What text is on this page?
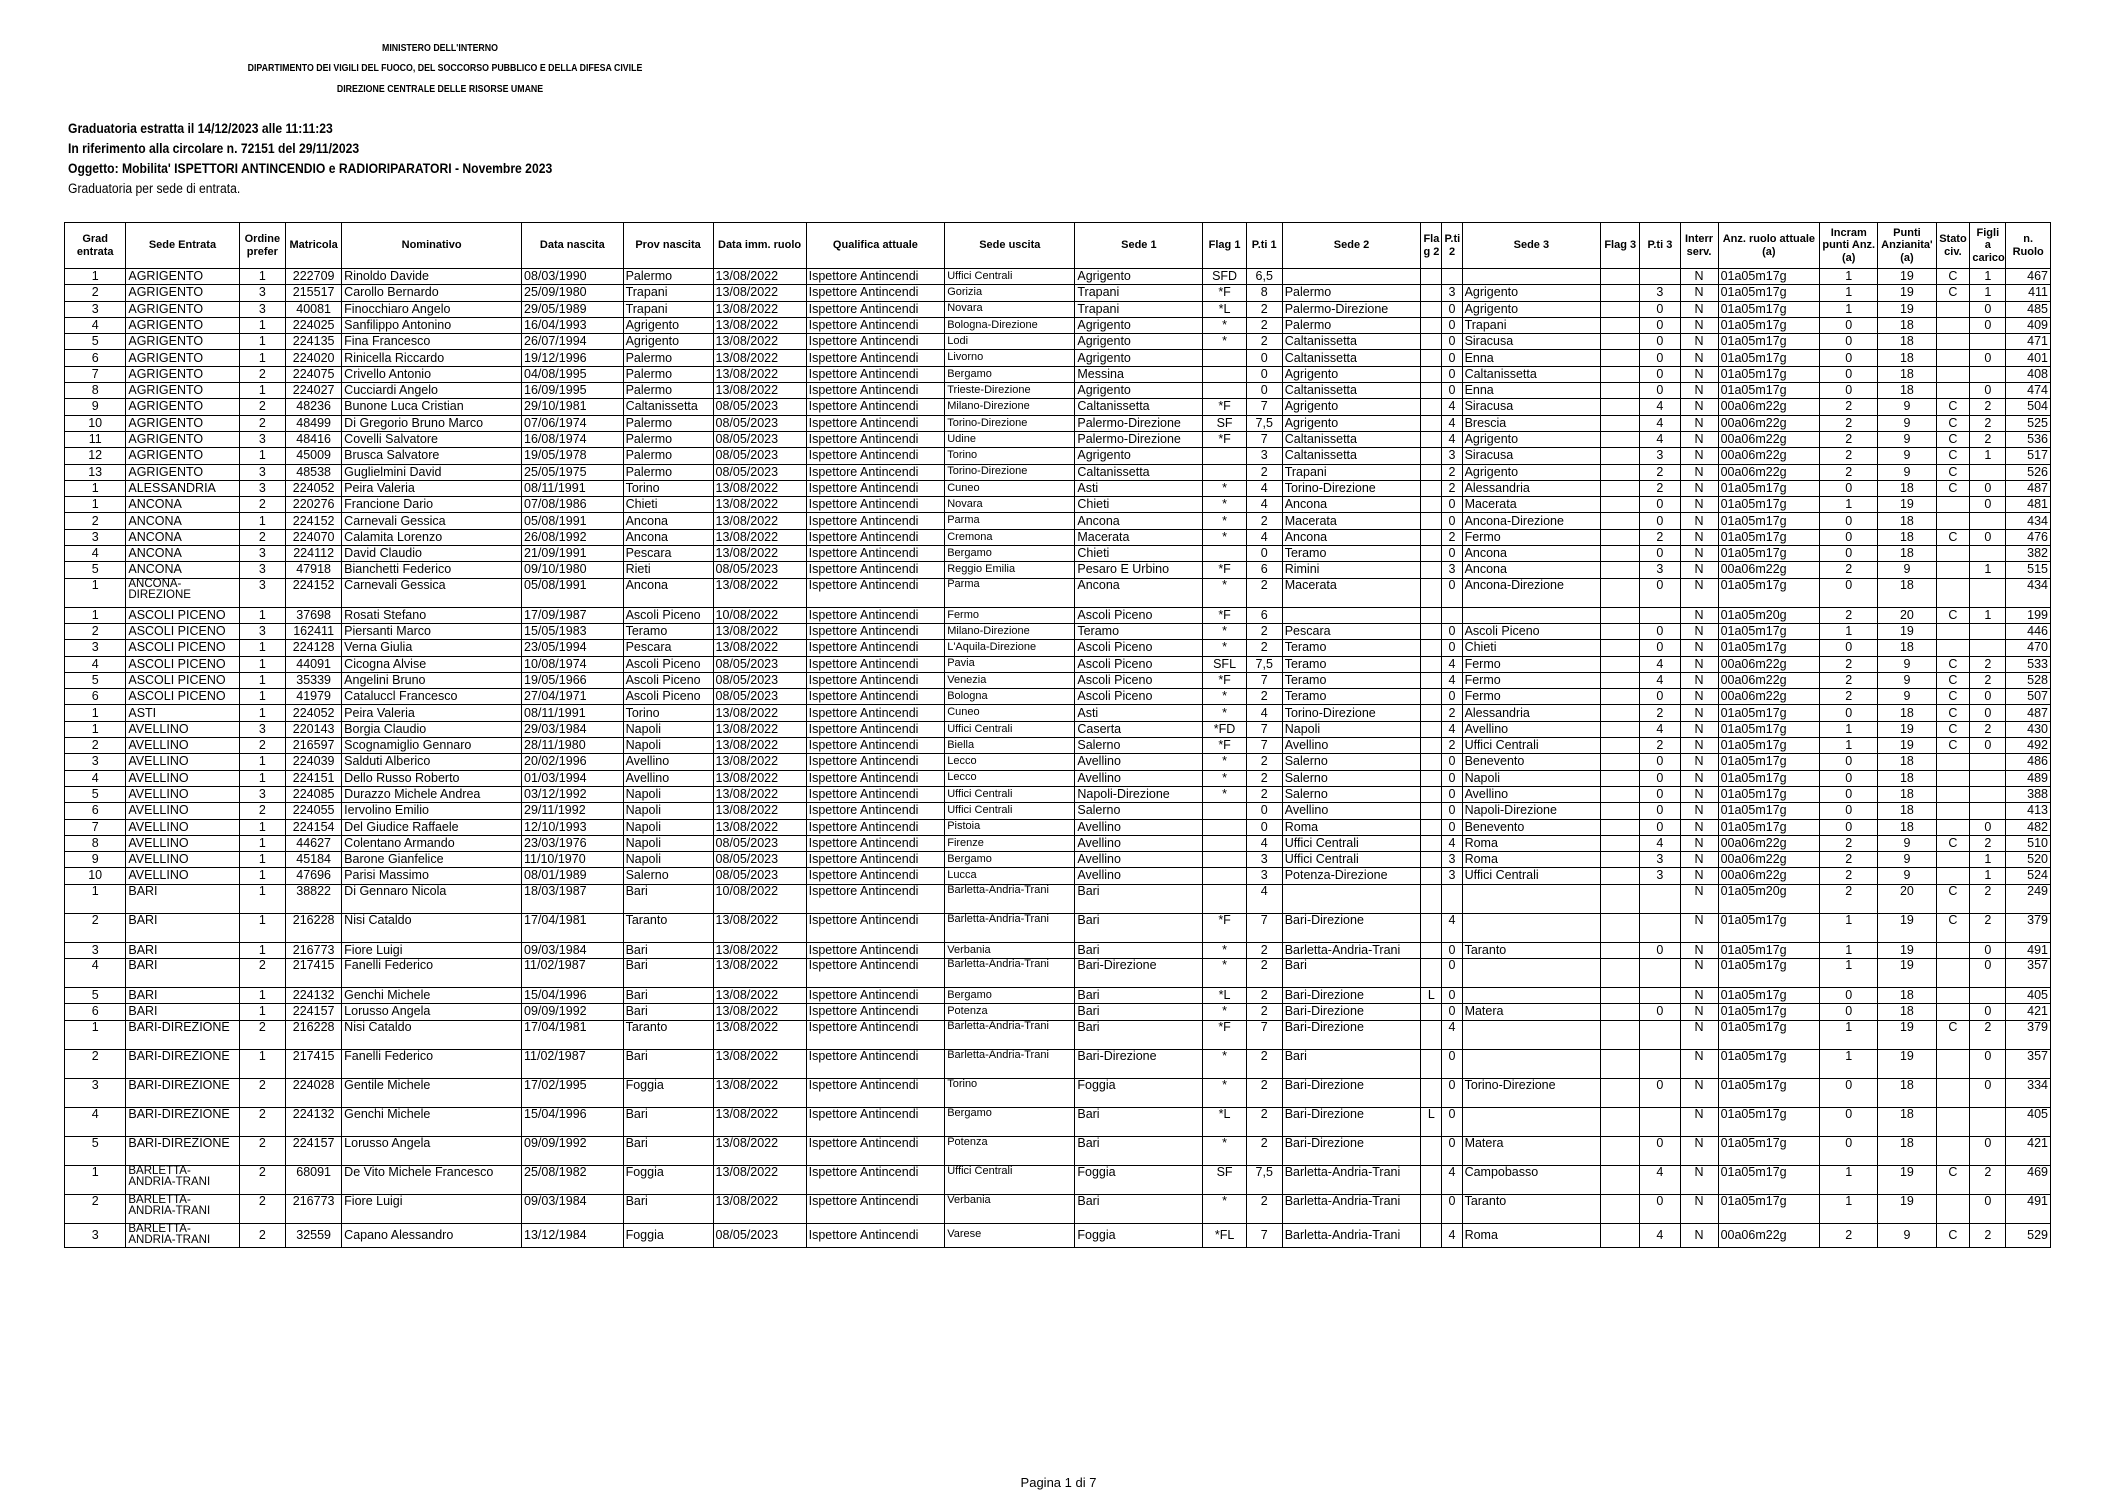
MINISTERO DELL'INTERNO
DIPARTIMENTO DEI VIGILI DEL FUOCO, DEL SOCCORSO PUBBLICO E DELLA DIFESA CIVILE
DIREZIONE CENTRALE DELLE RISORSE UMANE
Graduatoria estratta il 14/12/2023 alle 11:11:23
In riferimento alla circolare n. 72151 del 29/11/2023
Oggetto: Mobilita' ISPETTORI ANTINCENDIO e RADIORIPARATORI - Novembre 2023
Graduatoria per sede di entrata.
Grad entrata	Sede Entrata	Ordine prefer	Matricola	Nominativo	Data nascita	Prov nascita	Data imm. ruolo	Qualifica attuale	Sede uscita	Sede 1	Flag 1	P.ti 1	Sede 2	Fla g 2	P.ti 2	Sede 3	Flag 3	P.ti 3	Interr serv.	Anz. ruolo attuale (a)	Incram punti Anz.(a)	Punti Anzianita' (a)	Stato civ.	Figli a carico	n. Ruolo
1	AGRIGENTO	1	222709	Rinoldo Davide	08/03/1990	Palermo	13/08/2022	Ispettore Antincendi	Uffici Centrali	Agrigento	SFD	6,5							N	01a05m17g	1	19	C	1	467
2	AGRIGENTO	3	215517	Carollo Bernardo	25/09/1980	Trapani	13/08/2022	Ispettore Antincendi	Gorizia	Trapani	*F	8	Palermo		3	Agrigento		3	N	01a05m17g	1	19	C	1	411
3	AGRIGENTO	3	40081	Finocchiaro Angelo	29/05/1989	Trapani	13/08/2022	Ispettore Antincendi	Novara	Trapani	*L	2	Palermo-Direzione		0	Agrigento		0	N	01a05m17g	1	19		0	485
4	AGRIGENTO	1	224025	Sanfilippo Antonino	16/04/1993	Agrigento	13/08/2022	Ispettore Antincendi	Bologna-Direzione	Agrigento	*	2	Palermo		0	Trapani		0	N	01a05m17g	0	18		0	409
5	AGRIGENTO	1	224135	Fina Francesco	26/07/1994	Agrigento	13/08/2022	Ispettore Antincendi	Lodi	Agrigento	*	2	Caltanissetta		0	Siracusa		0	N	01a05m17g	0	18			471
6	AGRIGENTO	1	224020	Rinicella Riccardo	19/12/1996	Palermo	13/08/2022	Ispettore Antincendi	Livorno	Agrigento		0	Caltanissetta		0	Enna		0	N	01a05m17g	0	18		0	401
7	AGRIGENTO	2	224075	Crivello Antonio	04/08/1995	Palermo	13/08/2022	Ispettore Antincendi	Bergamo	Messina		0	Agrigento		0	Caltanissetta		0	N	01a05m17g	0	18			408
8	AGRIGENTO	1	224027	Cucciardi Angelo	16/09/1995	Palermo	13/08/2022	Ispettore Antincendi	Trieste-Direzione	Agrigento		0	Caltanissetta		0	Enna		0	N	01a05m17g	0	18		0	474
9	AGRIGENTO	2	48236	Bunone Luca Cristian	29/10/1981	Caltanissetta	08/05/2023	Ispettore Antincendi	Milano-Direzione	Caltanissetta	*F	7	Agrigento		4	Siracusa		4	N	00a06m22g	2	9	C	2	504
10	AGRIGENTO	2	48499	Di Gregorio Bruno Marco	07/06/1974	Palermo	08/05/2023	Ispettore Antincendi	Torino-Direzione	Palermo-Direzione	SF	7,5	Agrigento		4	Brescia		4	N	00a06m22g	2	9	C	2	525
11	AGRIGENTO	3	48416	Covelli Salvatore	16/08/1974	Palermo	08/05/2023	Ispettore Antincendi	Udine	Palermo-Direzione	*F	7	Caltanissetta		4	Agrigento		4	N	00a06m22g	2	9	C	2	536
12	AGRIGENTO	1	45009	Brusca Salvatore	19/05/1978	Palermo	08/05/2023	Ispettore Antincendi	Torino	Agrigento		3	Caltanissetta		3	Siracusa		3	N	00a06m22g	2	9	C	1	517
13	AGRIGENTO	3	48538	Guglielmini David	25/05/1975	Palermo	08/05/2023	Ispettore Antincendi	Torino-Direzione	Caltanissetta		2	Trapani		2	Agrigento		2	N	00a06m22g	2	9	C		526
1	ALESSANDRIA	3	224052	Peira Valeria	08/11/1991	Torino	13/08/2022	Ispettore Antincendi	Cuneo	Asti	*	4	Torino-Direzione		2	Alessandria		2	N	01a05m17g	0	18	C	0	487
1	ANCONA	2	220276	Francione Dario	07/08/1986	Chieti	13/08/2022	Ispettore Antincendi	Novara	Chieti	*	4	Ancona		0	Macerata		0	N	01a05m17g	1	19		0	481
2	ANCONA	1	224152	Carnevali Gessica	05/08/1991	Ancona	13/08/2022	Ispettore Antincendi	Parma	Ancona	*	2	Macerata		0	Ancona-Direzione		0	N	01a05m17g	0	18			434
3	ANCONA	2	224070	Calamita Lorenzo	26/08/1992	Ancona	13/08/2022	Ispettore Antincendi	Cremona	Macerata	*	4	Ancona		2	Fermo		2	N	01a05m17g	0	18	C	0	476
4	ANCONA	3	224112	David Claudio	21/09/1991	Pescara	13/08/2022	Ispettore Antincendi	Bergamo	Chieti		0	Teramo		0	Ancona		0	N	01a05m17g	0	18			382
5	ANCONA	3	47918	Bianchetti Federico	09/10/1980	Rieti	08/05/2023	Ispettore Antincendi	Reggio Emilia	Pesaro E Urbino	*F	6	Rimini		3	Ancona		3	N	00a06m22g	2	9		1	515
1	ANCONA-DIREZIONE	3	224152	Carnevali Gessica	05/08/1991	Ancona	13/08/2022	Ispettore Antincendi	Parma	Ancona	*	2	Macerata		0	Ancona-Direzione		0	N	01a05m17g	0	18			434
1	ASCOLI PICENO	1	37698	Rosati Stefano	17/09/1987	Ascoli Piceno	10/08/2022	Ispettore Antincendi	Fermo	Ascoli Piceno	*F	6							N	01a05m20g	2	20	C	1	199
2	ASCOLI PICENO	3	162411	Piersanti Marco	15/05/1983	Teramo	13/08/2022	Ispettore Antincendi	Milano-Direzione	Teramo	*	2	Pescara		0	Ascoli Piceno		0	N	01a05m17g	1	19			446
3	ASCOLI PICENO	1	224128	Verna Giulia	23/05/1994	Pescara	13/08/2022	Ispettore Antincendi	L'Aquila-Direzione	Ascoli Piceno	*	2	Teramo		0	Chieti		0	N	01a05m17g	0	18			470
4	ASCOLI PICENO	1	44091	Cicogna Alvise	10/08/1974	Ascoli Piceno	08/05/2023	Ispettore Antincendi	Pavia	Ascoli Piceno	SFL	7,5	Teramo		4	Fermo		4	N	00a06m22g	2	9	C	2	533
5	ASCOLI PICENO	1	35339	Angelini Bruno	19/05/1966	Ascoli Piceno	08/05/2023	Ispettore Antincendi	Venezia	Ascoli Piceno	*F	7	Teramo		4	Fermo		4	N	00a06m22g	2	9	C	2	528
6	ASCOLI PICENO	1	41979	Cataluccl Francesco	27/04/1971	Ascoli Piceno	08/05/2023	Ispettore Antincendi	Bologna	Ascoli Piceno	*	2	Teramo		0	Fermo		0	N	00a06m22g	2	9	C	0	507
1	ASTI	1	224052	Peira Valeria	08/11/1991	Torino	13/08/2022	Ispettore Antincendi	Cuneo	Asti	*	4	Torino-Direzione		2	Alessandria		2	N	01a05m17g	0	18	C	0	487
1	AVELLINO	3	220143	Borgia Claudio	29/03/1984	Napoli	13/08/2022	Ispettore Antincendi	Uffici Centrali	Caserta	*FD	7	Napoli		4	Avellino		4	N	01a05m17g	1	19	C	2	430
2	AVELLINO	2	216597	Scognamiglio Gennaro	28/11/1980	Napoli	13/08/2022	Ispettore Antincendi	Biella	Salerno	*F	7	Avellino		2	Uffici Centrali		2	N	01a05m17g	1	19	C	0	492
3	AVELLINO	1	224039	Salduti Alberico	20/02/1996	Avellino	13/08/2022	Ispettore Antincendi	Lecco	Avellino	*	2	Salerno		0	Benevento		0	N	01a05m17g	0	18			486
4	AVELLINO	1	224151	Dello Russo Roberto	01/03/1994	Avellino	13/08/2022	Ispettore Antincendi	Lecco	Avellino	*	2	Salerno		0	Napoli		0	N	01a05m17g	0	18			489
5	AVELLINO	3	224085	Durazzo Michele Andrea	03/12/1992	Napoli	13/08/2022	Ispettore Antincendi	Uffici Centrali	Napoli-Direzione	*	2	Salerno		0	Avellino		0	N	01a05m17g	0	18			388
6	AVELLINO	2	224055	Iervolino Emilio	29/11/1992	Napoli	13/08/2022	Ispettore Antincendi	Uffici Centrali	Salerno		0	Avellino		0	Napoli-Direzione		0	N	01a05m17g	0	18			413
7	AVELLINO	1	224154	Del Giudice Raffaele	12/10/1993	Napoli	13/08/2022	Ispettore Antincendi	Pistoia	Avellino		0	Roma		0	Benevento		0	N	01a05m17g	0	18		0	482
8	AVELLINO	1	44627	Colentano Armando	23/03/1976	Napoli	08/05/2023	Ispettore Antincendi	Firenze	Avellino		4	Uffici Centrali		4	Roma		4	N	00a06m22g	2	9	C	2	510
9	AVELLINO	1	45184	Barone Gianfelice	11/10/1970	Napoli	08/05/2023	Ispettore Antincendi	Bergamo	Avellino		3	Uffici Centrali		3	Roma		3	N	00a06m22g	2	9		1	520
10	AVELLINO	1	47696	Parisi Massimo	08/01/1989	Salerno	08/05/2023	Ispettore Antincendi	Lucca	Avellino		3	Potenza-Direzione		3	Uffici Centrali		3	N	00a06m22g	2	9		1	524
1	BARI	1	38822	Di Gennaro Nicola	18/03/1987	Bari	10/08/2022	Ispettore Antincendi	Barletta-Andria-Trani	Bari		4							N	01a05m20g	2	20	C	2	249
2	BARI	1	216228	Nisi Cataldo	17/04/1981	Taranto	13/08/2022	Ispettore Antincendi	Barletta-Andria-Trani	Bari	*F	7	Bari-Direzione		4				N	01a05m17g	1	19	C	2	379
3	BARI	1	216773	Fiore Luigi	09/03/1984	Bari	13/08/2022	Ispettore Antincendi	Verbania	Bari	*	2	Barletta-Andria-Trani		0	Taranto		0	N	01a05m17g	1	19		0	491
4	BARI	2	217415	Fanelli Federico	11/02/1987	Bari	13/08/2022	Ispettore Antincendi	Barletta-Andria-Trani	Bari-Direzione	*	2	Bari		0				N	01a05m17g	1	19		0	357
5	BARI	1	224132	Genchi Michele	15/04/1996	Bari	13/08/2022	Ispettore Antincendi	Bergamo	Bari	*L	2	Bari-Direzione	L	0				N	01a05m17g	0	18			405
6	BARI	1	224157	Lorusso Angela	09/09/1992	Bari	13/08/2022	Ispettore Antincendi	Potenza	Bari	*	2	Bari-Direzione		0	Matera		0	N	01a05m17g	0	18		0	421
1	BARI-DIREZIONE	2	216228	Nisi Cataldo	17/04/1981	Taranto	13/08/2022	Ispettore Antincendi	Barletta-Andria-Trani	Bari	*F	7	Bari-Direzione		4				N	01a05m17g	1	19	C	2	379
2	BARI-DIREZIONE	1	217415	Fanelli Federico	11/02/1987	Bari	13/08/2022	Ispettore Antincendi	Barletta-Andria-Trani	Bari-Direzione	*	2	Bari		0				N	01a05m17g	1	19		0	357
3	BARI-DIREZIONE	2	224028	Gentile Michele	17/02/1995	Foggia	13/08/2022	Ispettore Antincendi	Torino	Foggia	*	2	Bari-Direzione		0	Torino-Direzione		0	N	01a05m17g	0	18		0	334
4	BARI-DIREZIONE	2	224132	Genchi Michele	15/04/1996	Bari	13/08/2022	Ispettore Antincendi	Bergamo	Bari	*L	2	Bari-Direzione	L	0				N	01a05m17g	0	18			405
5	BARI-DIREZIONE	2	224157	Lorusso Angela	09/09/1992	Bari	13/08/2022	Ispettore Antincendi	Potenza	Bari	*	2	Bari-Direzione		0	Matera		0	N	01a05m17g	0	18		0	421
1	BARLETTA-ANDRIA-TRANI	2	68091	De Vito Michele Francesco	25/08/1982	Foggia	13/08/2022	Ispettore Antincendi	Uffici Centrali	Foggia	SF	7,5	Barletta-Andria-Trani		4	Campobasso		4	N	01a05m17g	1	19	C	2	469
2	BARLETTA-ANDRIA-TRANI	2	216773	Fiore Luigi	09/03/1984	Bari	13/08/2022	Ispettore Antincendi	Verbania	Bari	*	2	Barletta-Andria-Trani		0	Taranto		0	N	01a05m17g	1	19		0	491
3	BARLETTA-ANDRIA-TRANI	2	32559	Capano Alessandro	13/12/1984	Foggia	08/05/2023	Ispettore Antincendi	Varese	Foggia	*FL	7	Barletta-Andria-Trani		4	Roma		4	N	00a06m22g	2	9	C	2	529
Pagina 1 di 7
